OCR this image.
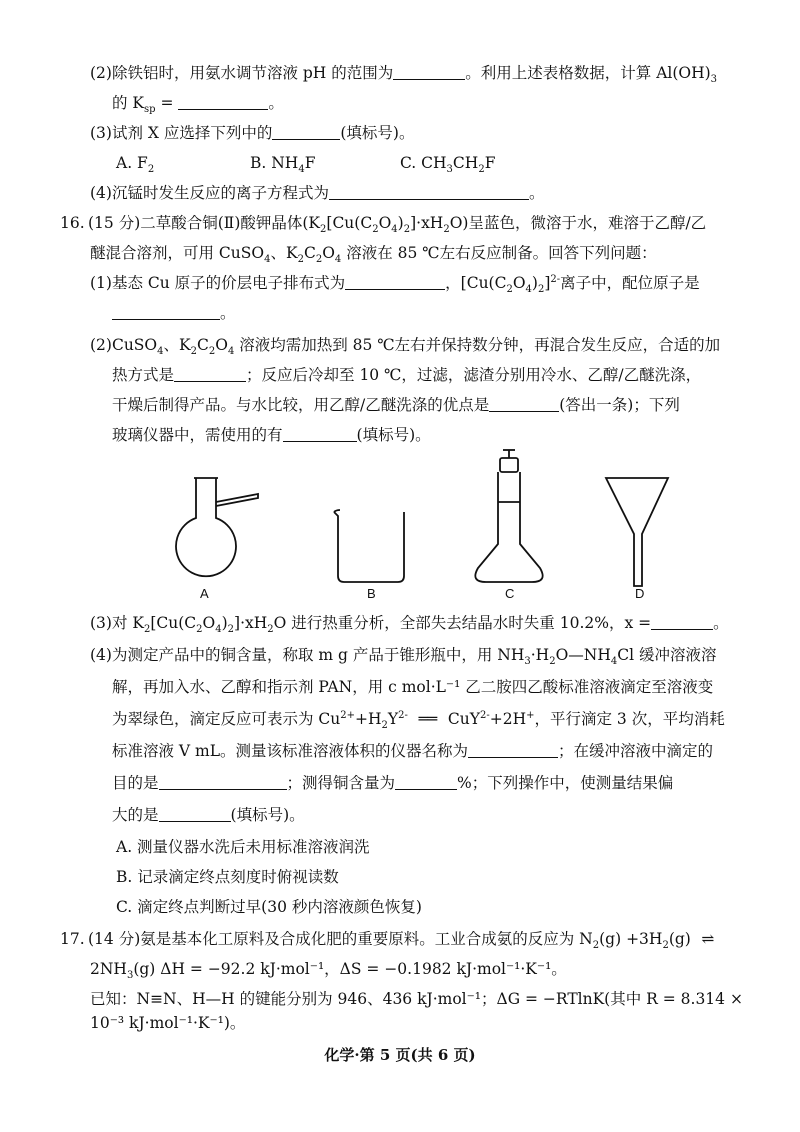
(2)除铁铝时，用氨水调节溶液 pH 的范围为	。利用上述表格数据，计算 $Al(OH)_3$
的 $K_{sp}$ =	。
(3)试剂 X 应选择下列中的	(填标号)。
A. $F_2$	B. $NH_4F$	C. $CH_3CH_2F$
(4)沉锰时发生反应的离子方程式为	。
16. (15 分)二草酸合铜(Ⅱ)酸钾晶体$(K_2[Cu(C_2O_4)_2]\cdot xH_2O)$呈蓝色，微溶于水，难溶于乙醇/乙
醚混合溶剂，可用 CuSO$_4$、$K_2C_2O_4$ 溶液在 85 ℃左右反应制备。回答下列问题：
(1)基态 Cu 原子的价层电子排布式为	，$[Cu(C_2O_4)_2]^{2-}$离子中，配位原子是
。
(2)CuSO$_4$、$K_2C_2O_4$ 溶液均需加热到 85 ℃左右并保持数分钟，再混合发生反应，合适的加
热方式是	；反应后冷却至 10 ℃，过滤，滤渣分别用冷水、乙醇/乙醚洗涤，
干燥后制得产品。与水比较，用乙醇/乙醚洗涤的优点是	(答出一条)；下列
玻璃仪器中，需使用的有	(填标号)。
A	B	C	D
(3)对 $K_2[Cu(C_2O_4)_2]\cdot xH_2O$ 进行热重分析，全部失去结晶水时失重 10.2%，x =	。
(4)为测定产品中的铜含量，称取 m g 产品于锥形瓶中，用 $NH_3\cdot H_2O—NH_4Cl$ 缓冲溶液溶
解，再加入水、乙醇和指示剂 PAN，用 c mol·L⁻¹ 乙二胺四乙酸标准溶液滴定至溶液变
为翠绿色，滴定反应可表示为 $Cu^{2+}+H_2Y^{2-}$ ══ CuY$^{2-}$+2H+，平行滴定 3 次，平均消耗
标准溶液 V mL。测量该标准溶液体积的仪器名称为	；在缓冲溶液中滴定的
目的是	；测得铜含量为	%；下列操作中，使测量结果偏
大的是	(填标号)。
A. 测量仪器水洗后未用标准溶液润洗
B. 记录滴定终点刻度时俯视读数
C. 滴定终点判断过早(30 秒内溶液颜色恢复)
17. (14 分)氨是基本化工原料及合成化肥的重要原料。工业合成氨的反应为 $N_2(g) +3H_2(g)$ ⇌
$2NH_3(g) \Delta H = -92.2$ kJ·mol⁻¹，ΔS = −0.1982 kJ·mol⁻¹·K⁻¹。
已知：N≡N、H—H 的键能分别为 946、436 kJ·mol⁻¹；ΔG = −RTlnK(其中 R = 8.314 ×
10⁻³ kJ·mol⁻¹·K⁻¹)。
化学·第 5 页(共 6 页)
